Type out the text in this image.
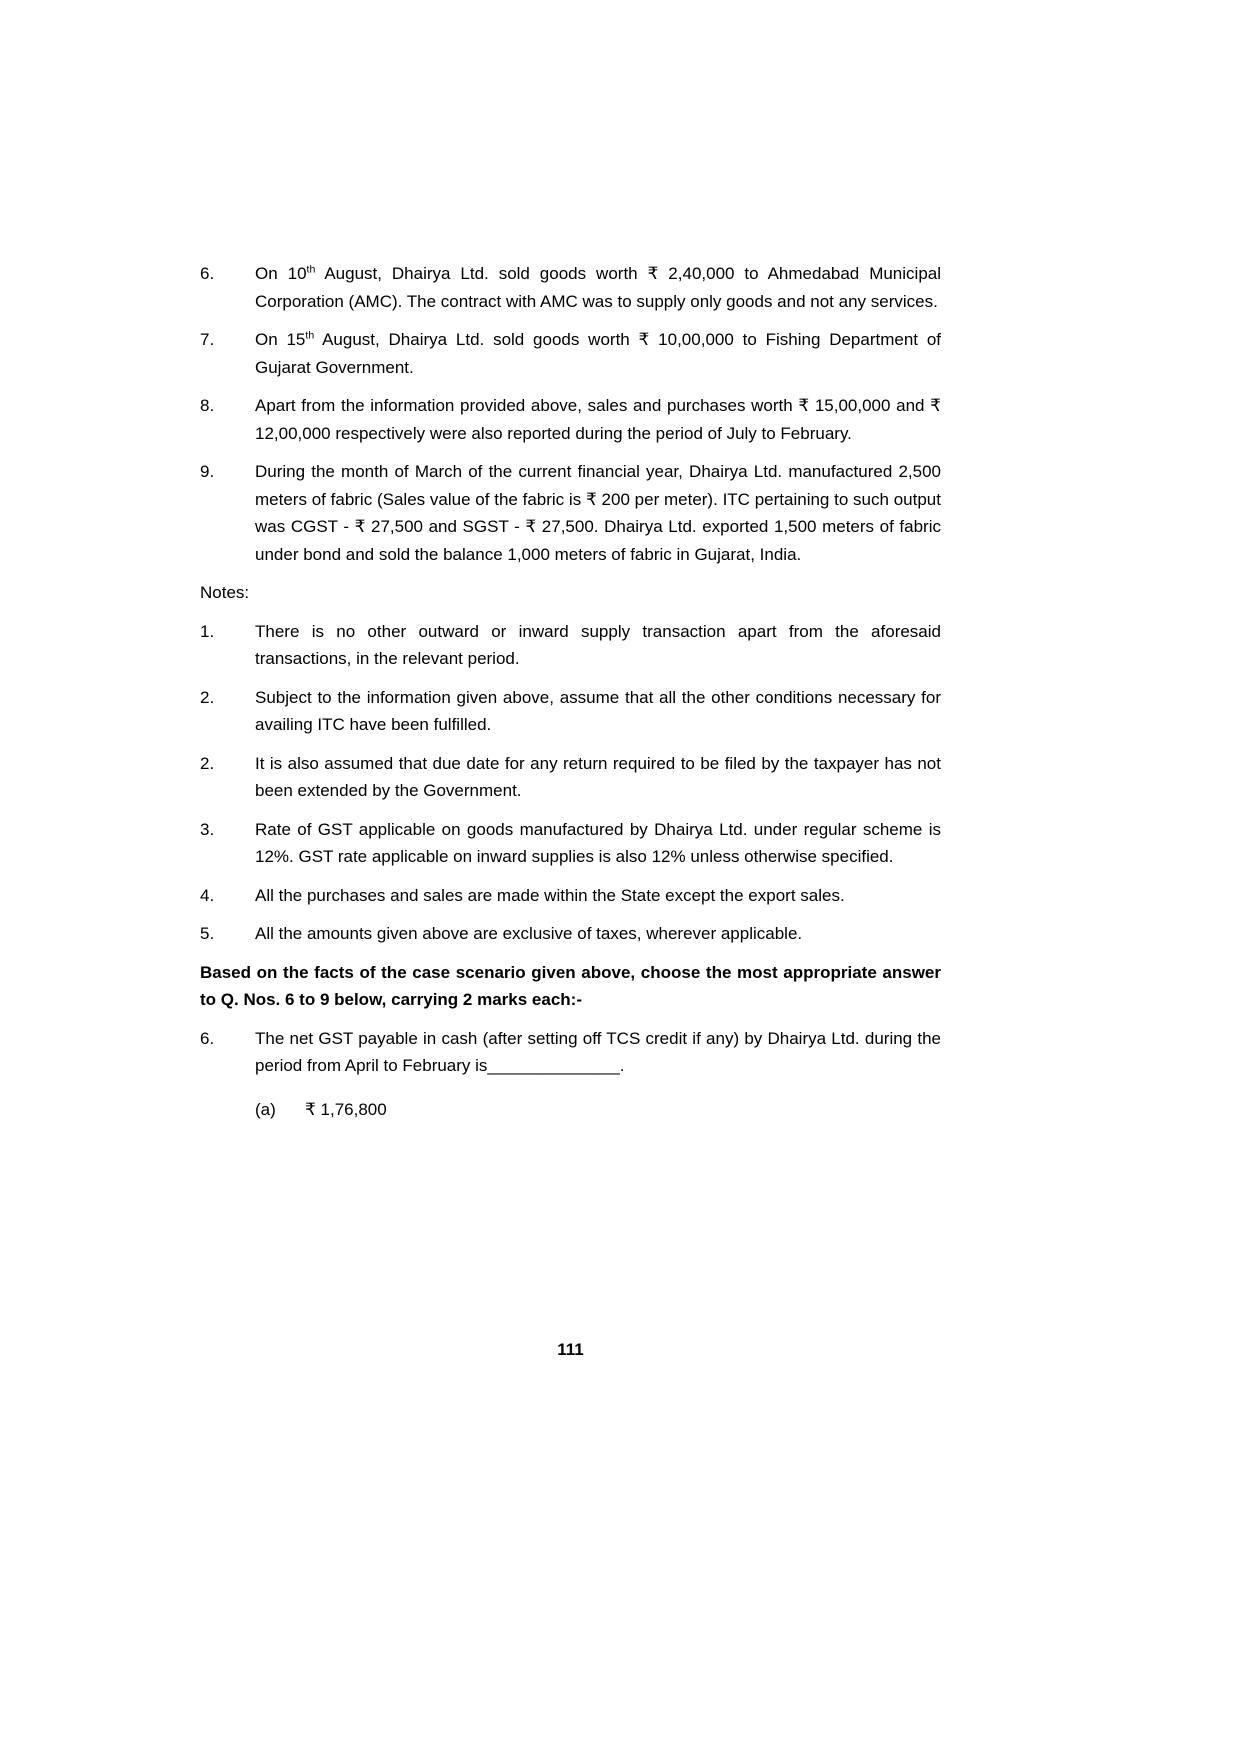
6.	On 10th August, Dhairya Ltd. sold goods worth ₹ 2,40,000 to Ahmedabad Municipal Corporation (AMC). The contract with AMC was to supply only goods and not any services.
7.	On 15th August, Dhairya Ltd. sold goods worth ₹ 10,00,000 to Fishing Department of Gujarat Government.
8.	Apart from the information provided above, sales and purchases worth ₹ 15,00,000 and ₹ 12,00,000 respectively were also reported during the period of July to February.
9.	During the month of March of the current financial year, Dhairya Ltd. manufactured 2,500 meters of fabric (Sales value of the fabric is ₹ 200 per meter). ITC pertaining to such output was CGST - ₹ 27,500 and SGST - ₹ 27,500. Dhairya Ltd. exported 1,500 meters of fabric under bond and sold the balance 1,000 meters of fabric in Gujarat, India.
Notes:
1.	There is no other outward or inward supply transaction apart from the aforesaid transactions, in the relevant period.
2.	Subject to the information given above, assume that all the other conditions necessary for availing ITC have been fulfilled.
2.	It is also assumed that due date for any return required to be filed by the taxpayer has not been extended by the Government.
3.	Rate of GST applicable on goods manufactured by Dhairya Ltd. under regular scheme is 12%. GST rate applicable on inward supplies is also 12% unless otherwise specified.
4.	All the purchases and sales are made within the State except the export sales.
5.	All the amounts given above are exclusive of taxes, wherever applicable.
Based on the facts of the case scenario given above, choose the most appropriate answer to Q. Nos. 6 to 9 below, carrying 2 marks each:-
6.	The net GST payable in cash (after setting off TCS credit if any) by Dhairya Ltd. during the period from April to February is______________.
(a)	₹ 1,76,800
111
